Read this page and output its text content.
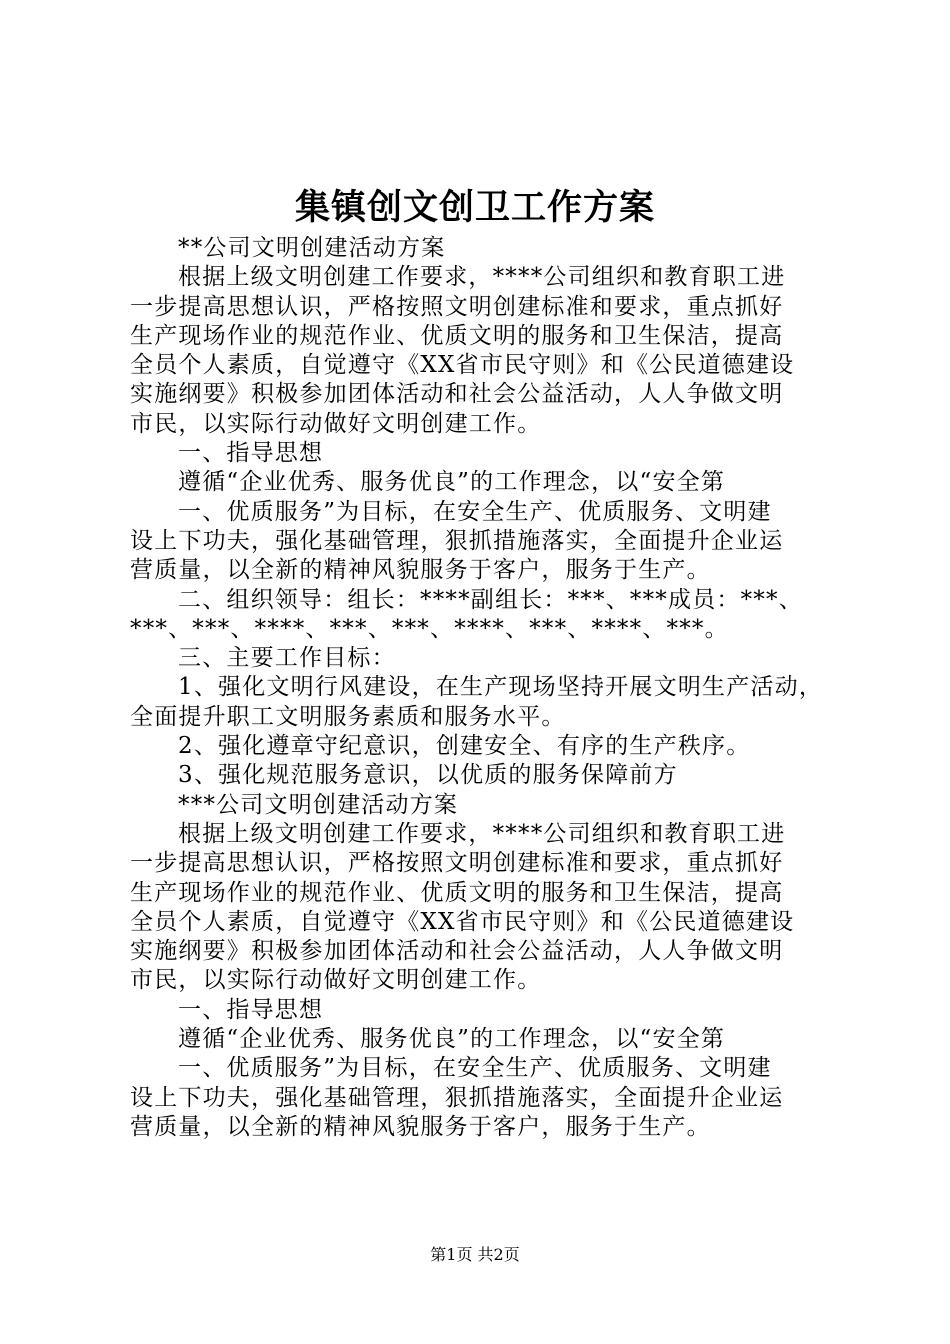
集镇创文创卫工作方案
**公司文明创建活动方案
根据上级文明创建工作要求，****公司组织和教育职工进
一步提高思想认识，严格按照文明创建标准和要求，重点抓好
生产现场作业的规范作业、优质文明的服务和卫生保洁，提高
全员个人素质，自觉遵守《XX省市民守则》和《公民道德建设
实施纲要》积极参加团体活动和社会公益活动，人人争做文明
市民，以实际行动做好文明创建工作。
一、指导思想
遵循“企业优秀、服务优良”的工作理念，以“安全第
一、优质服务”为目标，在安全生产、优质服务、文明建
设上下功夫，强化基础管理，狠抓措施落实，全面提升企业运
营质量，以全新的精神风貌服务于客户，服务于生产。
二、组织领导：组长：****副组长：***、***成员：***、
***、***、****、***、***、****、***、****、***。
三、主要工作目标：
1、强化文明行风建设，在生产现场坚持开展文明生产活动，
全面提升职工文明服务素质和服务水平。
2、强化遵章守纪意识，创建安全、有序的生产秩序。
3、强化规范服务意识，以优质的服务保障前方
***公司文明创建活动方案
根据上级文明创建工作要求，****公司组织和教育职工进
一步提高思想认识，严格按照文明创建标准和要求，重点抓好
生产现场作业的规范作业、优质文明的服务和卫生保洁，提高
全员个人素质，自觉遵守《XX省市民守则》和《公民道德建设
实施纲要》积极参加团体活动和社会公益活动，人人争做文明
市民，以实际行动做好文明创建工作。
一、指导思想
遵循“企业优秀、服务优良”的工作理念，以“安全第
一、优质服务”为目标，在安全生产、优质服务、文明建
设上下功夫，强化基础管理，狠抓措施落实，全面提升企业运
营质量，以全新的精神风貌服务于客户，服务于生产。
第1页 共2页
